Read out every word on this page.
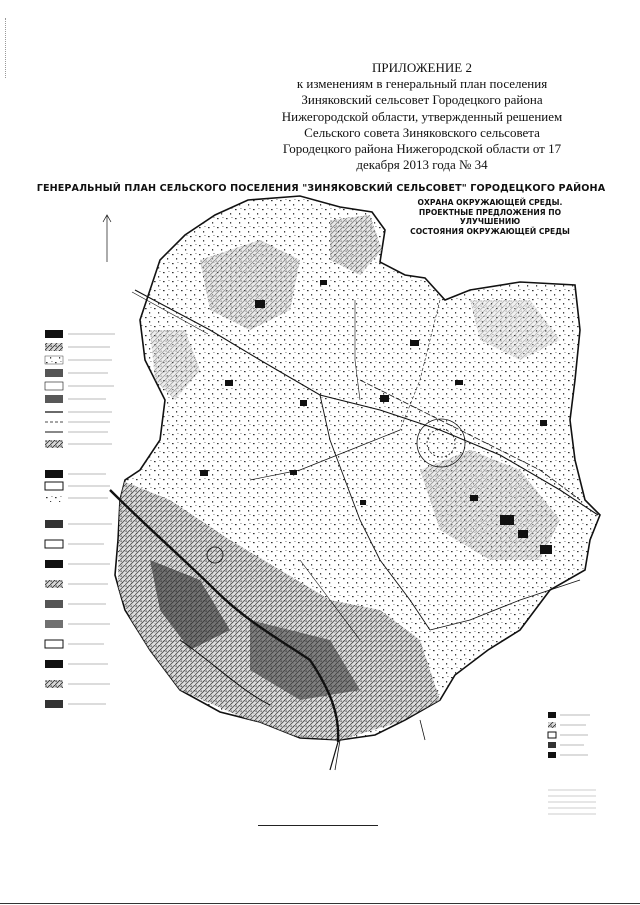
ПРИЛОЖЕНИЕ 2
к изменениям в генеральный план поселения
Зиняковский сельсовет Городецкого района
Нижегородской области, утвержденный решением
Сельского совета Зиняковского сельсовета
Городецкого района Нижегородской области от 17
декабря 2013 года № 34
ГЕНЕРАЛЬНЫЙ ПЛАН СЕЛЬСКОГО ПОСЕЛЕНИЯ "ЗИНЯКОВСКИЙ СЕЛЬСОВЕТ" ГОРОДЕЦКОГО РАЙОНА
ОХРАНА ОКРУЖАЮЩЕЙ СРЕДЫ.
ПРОЕКТНЫЕ ПРЕДЛОЖЕНИЯ ПО УЛУЧШЕНИЮ
СОСТОЯНИЯ ОКРУЖАЮЩЕЙ СРЕДЫ
